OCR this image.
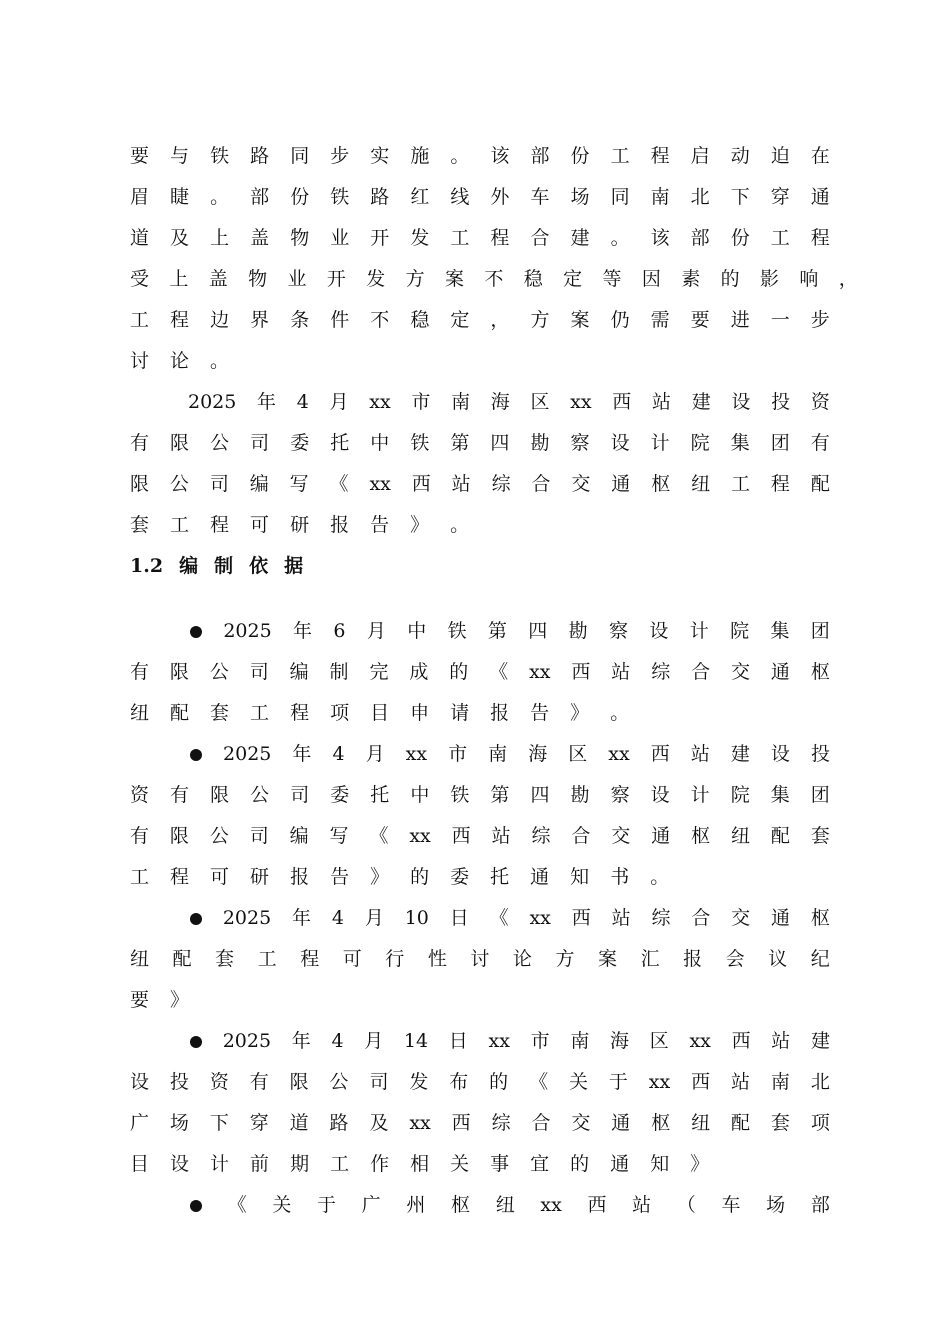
要 与 铁 路 同 步 实 施 。 该 部 份 工 程 启 动 迫 在
眉 睫 。 部 份 铁 路 红 线 外 车 场 同 南 北 下 穿 通
道 及 上 盖 物 业 开 发 工 程 合 建 。 该 部 份 工 程
受 上 盖 物 业 开 发 方 案 不 稳 定 等 因 素 的 影 响 ，
工 程 边 界 条 件 不 稳 定 ， 方 案 仍 需 要 进 一 步
讨 论 。
2025 年 4 月 xx 市 南 海 区 xx 西 站 建 设 投 资
有 限 公 司 委 托 中 铁 第 四 勘 察 设 计 院 集 团 有
限 公 司 编 写 《 xx 西 站 综 合 交 通 枢 纽 工 程 配
套 工 程 可 研 报 告 》 。
1.2 编 制 依 据
2025 年 6 月 中 铁 第 四 勘 察 设 计 院 集 团
有 限 公 司 编 制 完 成 的 《 xx 西 站 综 合 交 通 枢
纽 配 套 工 程 项 目 申 请 报 告 》 。
2025 年 4 月 xx 市 南 海 区 xx 西 站 建 设 投
资 有 限 公 司 委 托 中 铁 第 四 勘 察 设 计 院 集 团
有 限 公 司 编 写 《 xx 西 站 综 合 交 通 枢 纽 配 套
工 程 可 研 报 告 》 的 委 托 通 知 书 。
2025 年 4 月 10 日 《 xx 西 站 综 合 交 通 枢
纽 配 套 工 程 可 行 性 讨 论 方 案 汇 报 会 议 纪
要 》
2025 年 4 月 14 日 xx 市 南 海 区 xx 西 站 建
设 投 资 有 限 公 司 发 布 的 《 关 于 xx 西 站 南 北
广 场 下 穿 道 路 及 xx 西 综 合 交 通 枢 纽 配 套 项
目 设 计 前 期 工 作 相 关 事 宜 的 通 知 》
《 关 于 广 州 枢 纽 xx 西 站 （ 车 场 部
